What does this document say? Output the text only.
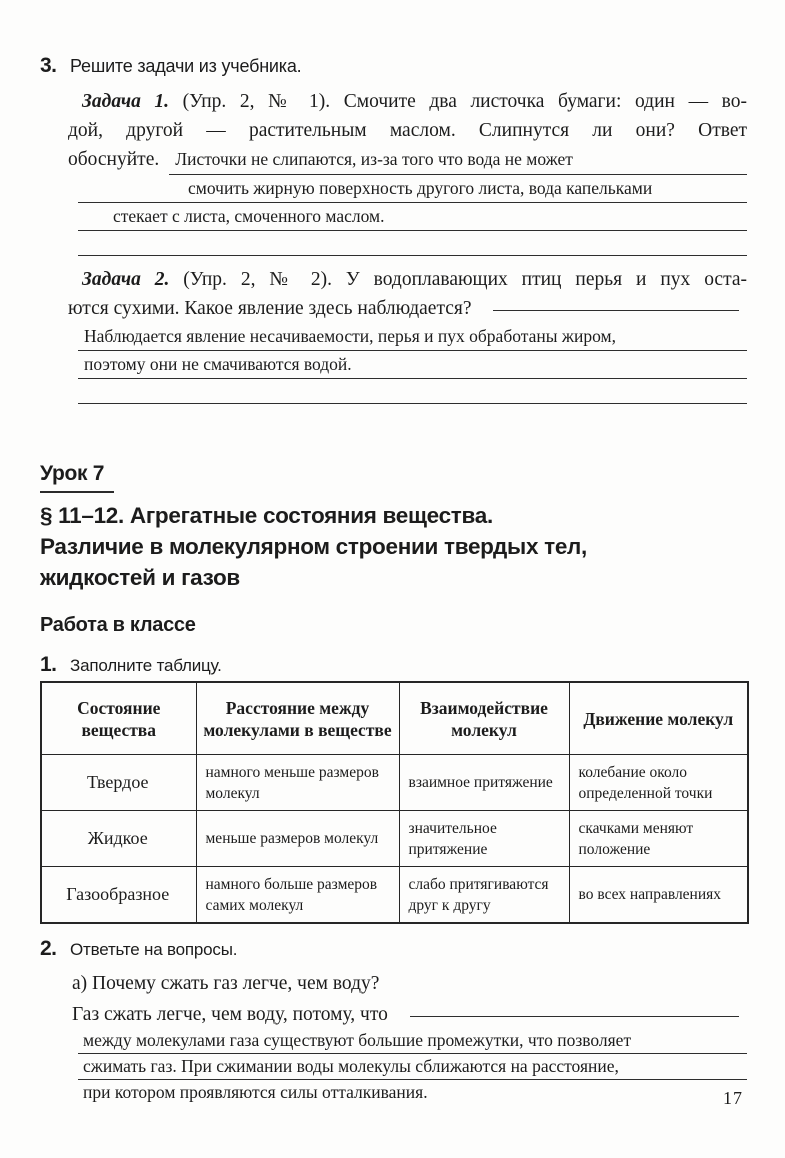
3. Решите задачи из учебника.
Задача 1. (Упр. 2, № 1). Смочите два листочка бумаги: один — во-
дой, другой — растительным маслом. Слипнутся ли они? Ответ
обоснуйте. Листочки не слипаются, из-за того что вода не может
смочить жирную поверхность другого листа, вода капельками
стекает с листа, смоченного маслом.
Задача 2. (Упр. 2, № 2). У водоплавающих птиц перья и пух оста-
ются сухими. Какое явление здесь наблюдается?
Наблюдается явление несачиваемости, перья и пух обработаны жиром,
поэтому они не смачиваются водой.
Урок 7
§ 11–12. Агрегатные состояния вещества.
Различие в молекулярном строении твердых тел,
жидкостей и газов
Работа в классе
1. Заполните таблицу.
Состояние вещества	Расстояние между молекулами в веществе	Взаимодействие молекул	Движение молекул
Твердое	намного меньше размеров молекул	взаимное притяжение	колебание около определенной точки
Жидкое	меньше размеров молекул	значительное притяжение	скачками меняют положение
Газообразное	намного больше размеров самих молекул	слабо притягиваются друг к другу	во всех направлениях
2. Ответьте на вопросы.
а) Почему сжать газ легче, чем воду?
Газ сжать легче, чем воду, потому, что
между молекулами газа существуют большие промежутки, что позволяет
сжимать газ. При сжимании воды молекулы сближаются на расстояние,
при котором проявляются силы отталкивания.	17
